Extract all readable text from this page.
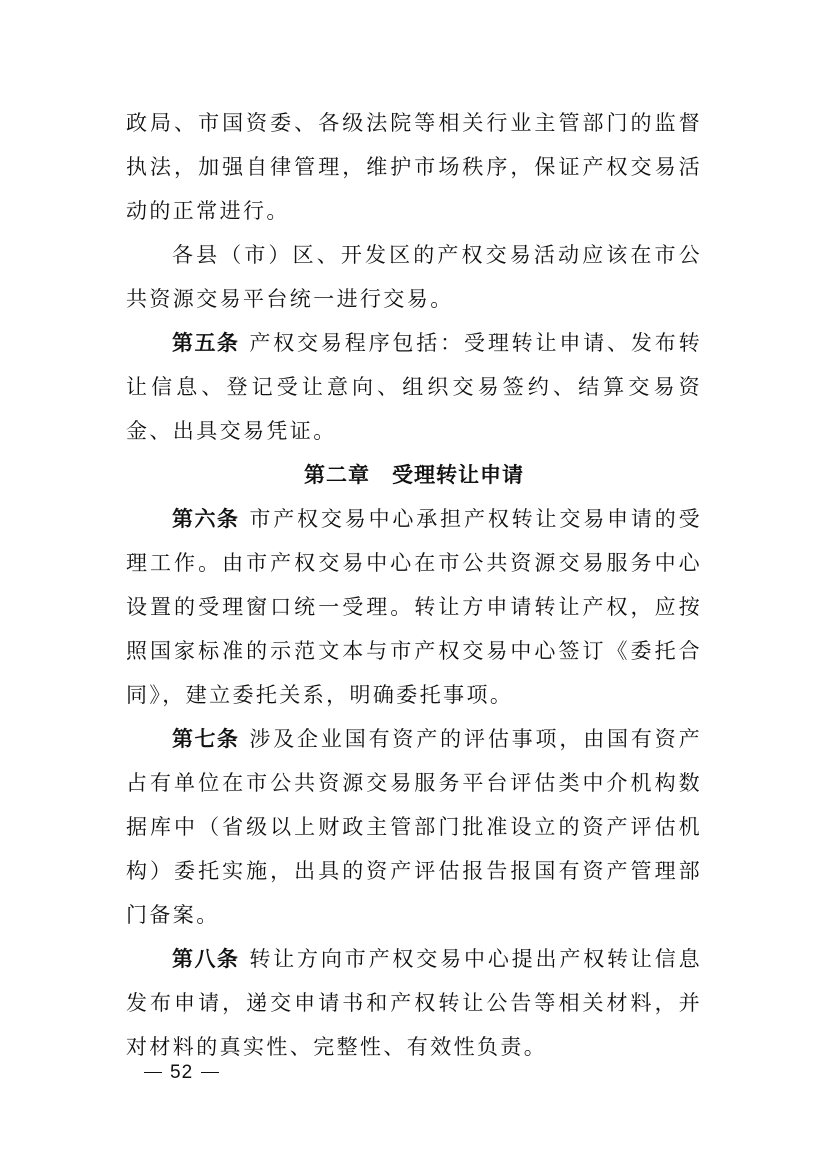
政局、市国资委、各级法院等相关行业主管部门的监督执法，加强自律管理，维护市场秩序，保证产权交易活动的正常进行。

各县（市）区、开发区的产权交易活动应该在市公共资源交易平台统一进行交易。

第五条 产权交易程序包括：受理转让申请、发布转让信息、登记受让意向、组织交易签约、结算交易资金、出具交易凭证。

第二章　受理转让申请

第六条 市产权交易中心承担产权转让交易申请的受理工作。由市产权交易中心在市公共资源交易服务中心设置的受理窗口统一受理。转让方申请转让产权，应按照国家标准的示范文本与市产权交易中心签订《委托合同》，建立委托关系，明确委托事项。

第七条 涉及企业国有资产的评估事项，由国有资产占有单位在市公共资源交易服务平台评估类中介机构数据库中（省级以上财政主管部门批准设立的资产评估机构）委托实施，出具的资产评估报告报国有资产管理部门备案。

第八条 转让方向市产权交易中心提出产权转让信息发布申请，递交申请书和产权转让公告等相关材料，并对材料的真实性、完整性、有效性负责。

52
